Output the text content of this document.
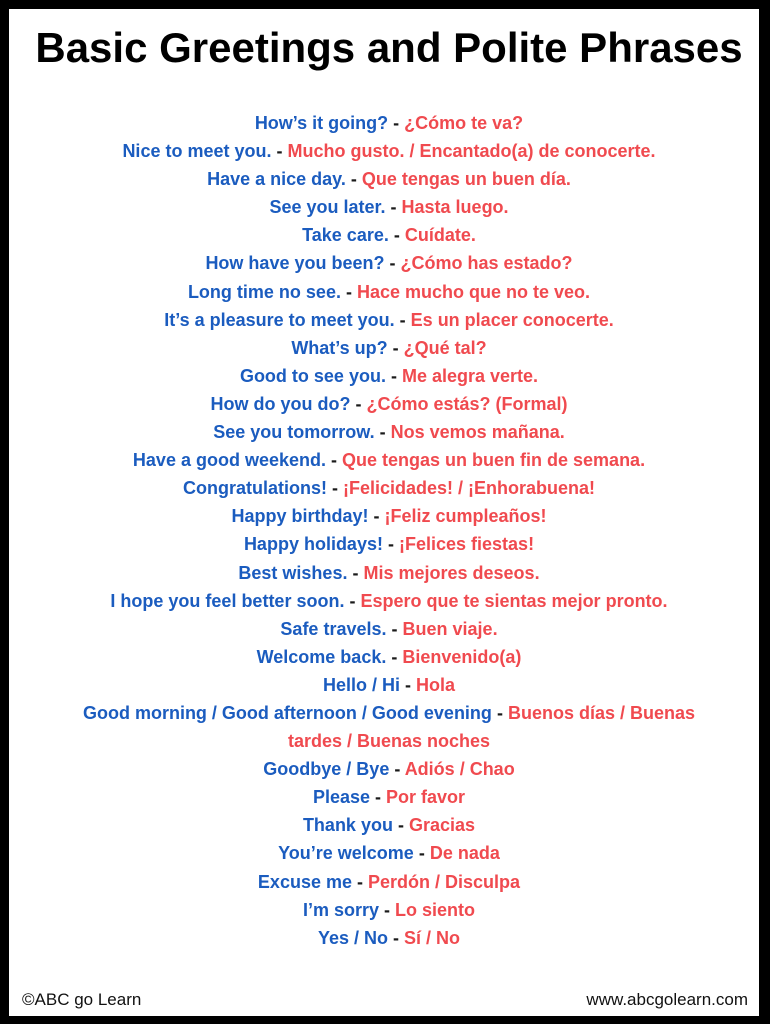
Basic Greetings and Polite Phrases
How’s it going? - ¿Cómo te va?
Nice to meet you. - Mucho gusto. / Encantado(a) de conocerte.
Have a nice day. - Que tengas un buen día.
See you later. - Hasta luego.
Take care. - Cuídate.
How have you been? - ¿Cómo has estado?
Long time no see. - Hace mucho que no te veo.
It’s a pleasure to meet you. - Es un placer conocerte.
What’s up? - ¿Qué tal?
Good to see you. - Me alegra verte.
How do you do? - ¿Cómo estás? (Formal)
See you tomorrow. - Nos vemos mañana.
Have a good weekend. - Que tengas un buen fin de semana.
Congratulations! - ¡Felicidades! / ¡Enhorabuena!
Happy birthday! - ¡Feliz cumpleaños!
Happy holidays! - ¡Felices fiestas!
Best wishes. - Mis mejores deseos.
I hope you feel better soon. - Espero que te sientas mejor pronto.
Safe travels. - Buen viaje.
Welcome back. - Bienvenido(a)
Hello / Hi - Hola
Good morning / Good afternoon / Good evening - Buenos días / Buenas tardes / Buenas noches
Goodbye / Bye - Adiós / Chao
Please - Por favor
Thank you - Gracias
You’re welcome - De nada
Excuse me - Perdón / Disculpa
I’m sorry - Lo siento
Yes / No - Sí / No
©ABC go Learn	www.abcgolearn.com
